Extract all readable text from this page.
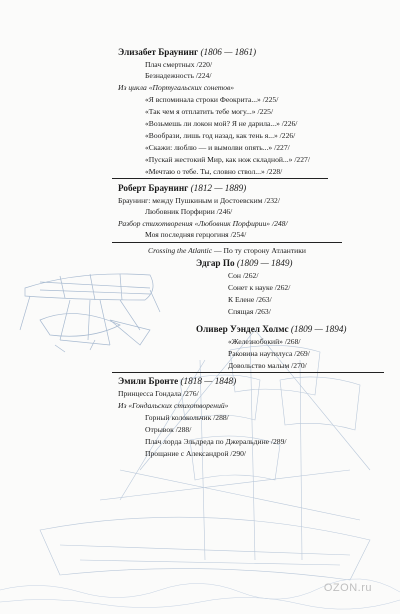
Элизабет Браунинг (1806 — 1861)
Плач смертных /220/
Безнадежность /224/
Из цикла «Португальских сонетов»
«Я вспоминала строки Феокрита...» /225/
«Так чем я отплатить тебе могу...» /225/
«Возьмешь ли локон мой? Я не дарила...» /226/
«Вообрази, лишь год назад, как тень я...» /226/
«Скажи: люблю — и вымолви опять...» /227/
«Пускай жестокий Мир, как нож складной...» /227/
«Мечтаю о тебе. Ты, словно ствол...» /228/
Роберт Браунинг (1812 — 1889)
Браунинг: между Пушкиным и Достоевским /232/
Любовник Порфирии /246/
Разбор стихотворения «Любовник Порфирии» /248/
Моя последняя герцогиня /254/
Crossing the Atlantic — По ту сторону Атлантики
Эдгар По (1809 — 1849)
Сон /262/
Сонет к науке /262/
К Елене /263/
Спящая /263/
Оливер Уэндел Холмс (1809 — 1894)
«Железнобокий» /268/
Раковина наутилуса /269/
Довольство малым /270/
Эмили Бронте (1818 — 1848)
Принцесса Гондала /276/
Из «Гондальских стихотворений»
Горный колокольчик /288/
Отрывок /288/
Плач лорда Эльдреда по Джеральдине /289/
Прощание с Александрой /290/
OZON.ru
